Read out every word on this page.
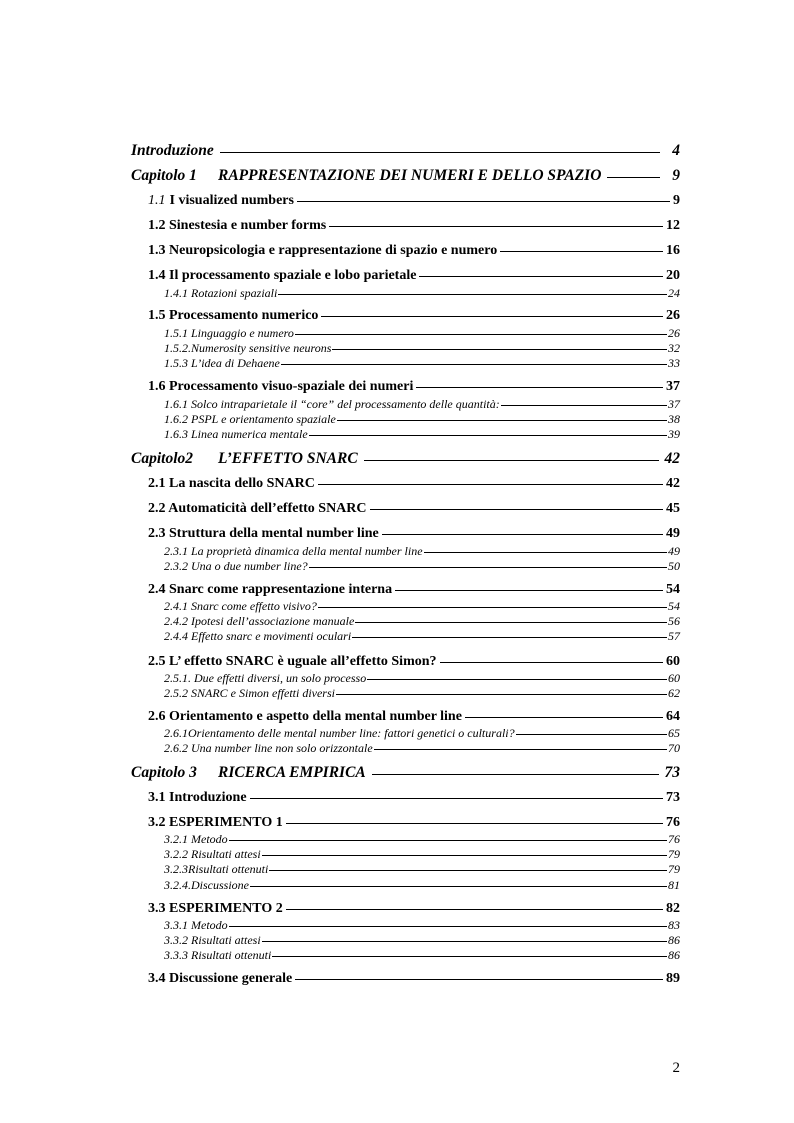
Introduzione	4
Capitolo 1 RAPPRESENTAZIONE DEI NUMERI E DELLO SPAZIO	9
1.1 I visualized numbers	9
1.2 Sinestesia e number forms	12
1.3 Neuropsicologia e rappresentazione di spazio e numero	16
1.4 Il processamento spaziale e lobo parietale	20
1.4.1 Rotazioni spaziali	24
1.5 Processamento numerico	26
1.5.1 Linguaggio e numero	26
1.5.2.Numerosity sensitive neurons	32
1.5.3 L’idea di Dehaene	33
1.6 Processamento visuo-spaziale dei numeri	37
1.6.1 Solco intraparietale il “core” del processamento delle quantità:	37
1.6.2 PSPL e orientamento spaziale	38
1.6.3 Linea numerica mentale	39
Capitolo2 L’EFFETTO SNARC	42
2.1 La nascita dello SNARC	42
2.2 Automaticità dell’effetto SNARC	45
2.3 Struttura della mental number line	49
2.3.1 La proprietà dinamica della mental number line	49
2.3.2 Una o due number line?	50
2.4 Snarc come rappresentazione interna	54
2.4.1 Snarc come effetto visivo?	54
2.4.2 Ipotesi dell’associazione manuale	56
2.4.4 Effetto snarc e movimenti oculari	57
2.5 L’ effetto SNARC è uguale all’effetto Simon?	60
2.5.1. Due effetti diversi, un solo processo	60
2.5.2 SNARC e Simon effetti diversi	62
2.6 Orientamento e aspetto della mental number line	64
2.6.1Orientamento delle mental number line: fattori genetici o culturali?	65
2.6.2 Una number line non solo orizzontale	70
Capitolo 3 RICERCA EMPIRICA	73
3.1 Introduzione	73
3.2 ESPERIMENTO 1	76
3.2.1 Metodo	76
3.2.2 Risultati attesi	79
3.2.3Risultati ottenuti	79
3.2.4.Discussione	81
3.3 ESPERIMENTO 2	82
3.3.1 Metodo	83
3.3.2 Risultati attesi	86
3.3.3 Risultati ottenuti	86
3.4 Discussione generale	89
2
